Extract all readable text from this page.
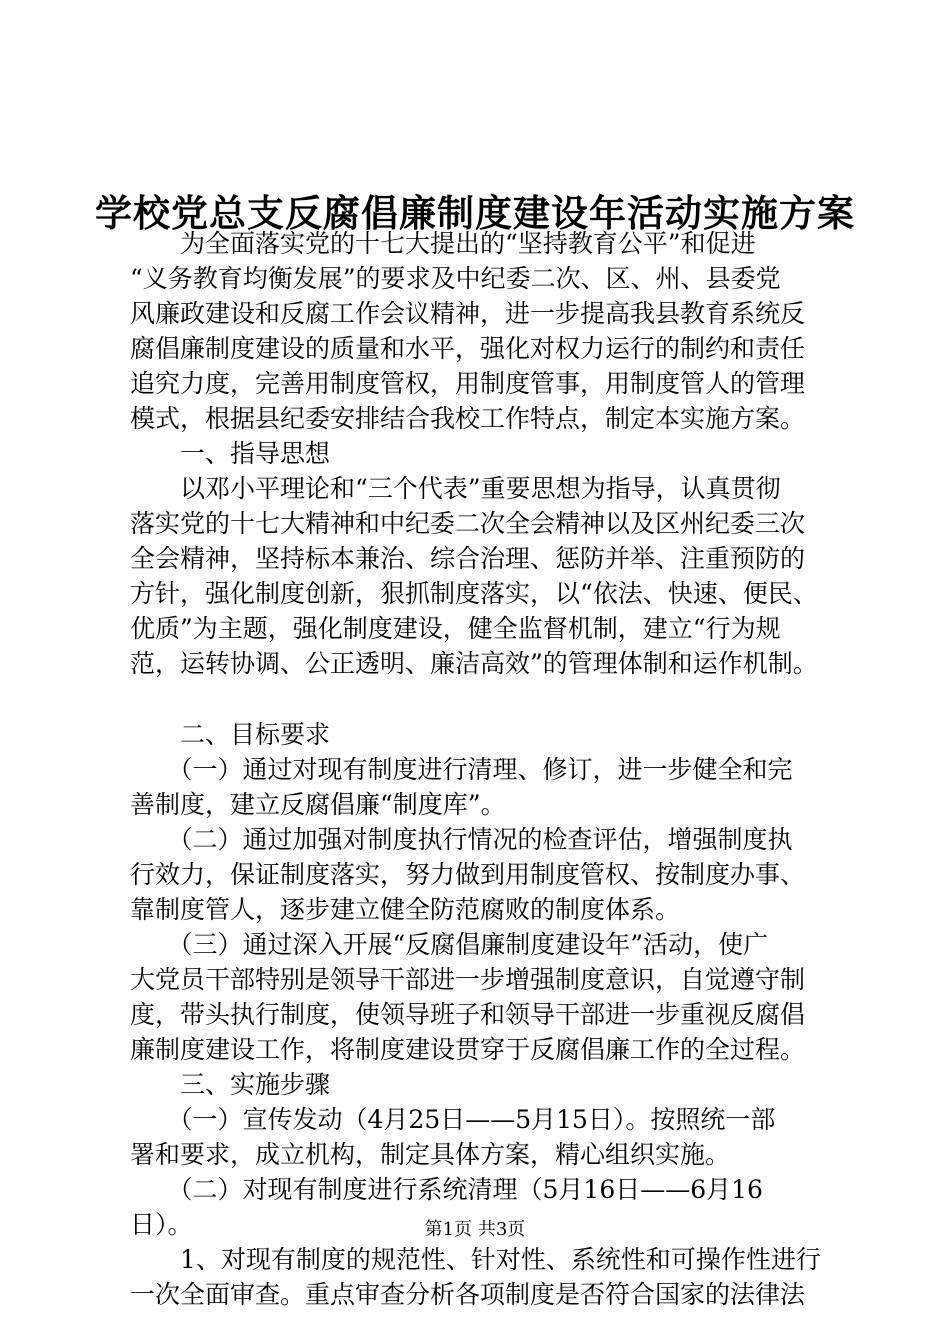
学校党总支反腐倡廉制度建设年活动实施方案
　　为全面落实党的十七大提出的“坚持教育公平”和促进
“义务教育均衡发展”的要求及中纪委二次、区、州、县委党
风廉政建设和反腐工作会议精神，进一步提高我县教育系统反
腐倡廉制度建设的质量和水平，强化对权力运行的制约和责任
追究力度，完善用制度管权，用制度管事，用制度管人的管理
模式，根据县纪委安排结合我校工作特点，制定本实施方案。
　　一、指导思想
　　以邓小平理论和“三个代表”重要思想为指导，认真贯彻
落实党的十七大精神和中纪委二次全会精神以及区州纪委三次
全会精神，坚持标本兼治、综合治理、惩防并举、注重预防的
方针，强化制度创新，狠抓制度落实，以“依法、快速、便民、
优质”为主题，强化制度建设，健全监督机制，建立“行为规
范，运转协调、公正透明、廉洁高效”的管理体制和运作机制。
　　二、目标要求
　　（一）通过对现有制度进行清理、修订，进一步健全和完
善制度，建立反腐倡廉“制度库”。
　　（二）通过加强对制度执行情况的检查评估，增强制度执
行效力，保证制度落实，努力做到用制度管权、按制度办事、
靠制度管人，逐步建立健全防范腐败的制度体系。
　　（三）通过深入开展“反腐倡廉制度建设年”活动，使广
大党员干部特别是领导干部进一步增强制度意识，自觉遵守制
度，带头执行制度，使领导班子和领导干部进一步重视反腐倡
廉制度建设工作，将制度建设贯穿于反腐倡廉工作的全过程。
　　三、实施步骤
　　（一）宣传发动（4月25日——5月15日）。按照统一部
署和要求，成立机构，制定具体方案，精心组织实施。
　　（二）对现有制度进行系统清理（5月16日——6月16
日）。
　　1、对现有制度的规范性、针对性、系统性和可操作性进行
一次全面审查。重点审查分析各项制度是否符合国家的法律法
第1页 共3页
